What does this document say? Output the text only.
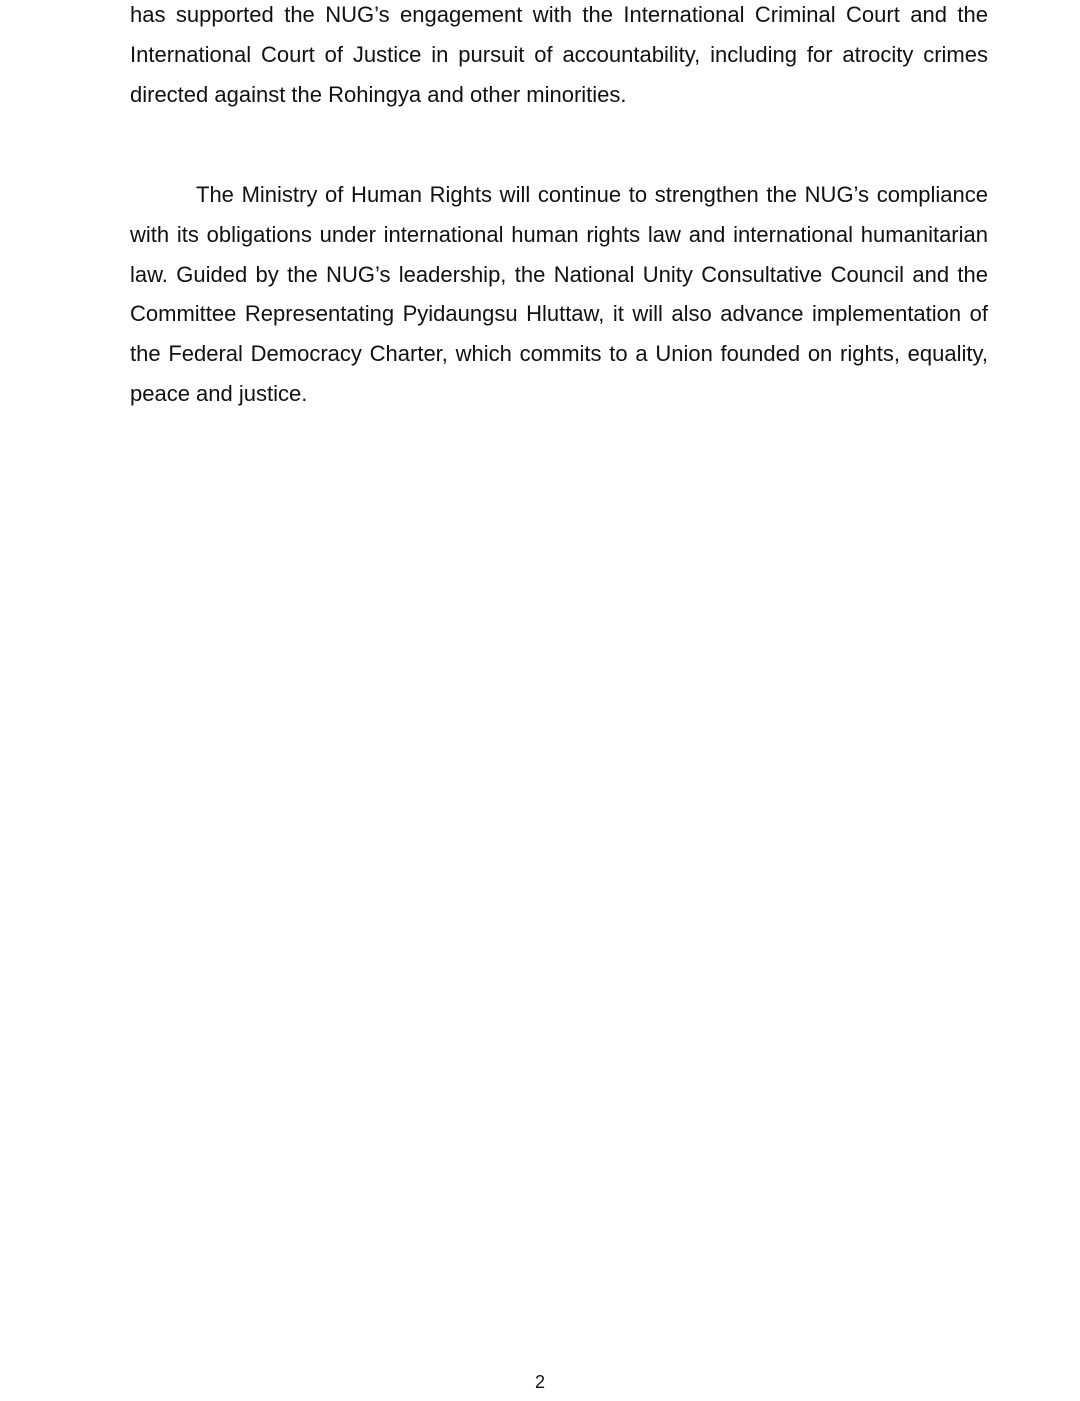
has supported the NUG’s engagement with the International Criminal Court and the International Court of Justice in pursuit of accountability, including for atrocity crimes directed against the Rohingya and other minorities.

The Ministry of Human Rights will continue to strengthen the NUG’s compliance with its obligations under international human rights law and international humanitarian law. Guided by the NUG’s leadership, the National Unity Consultative Council and the Committee Representating Pyidaungsu Hluttaw, it will also advance implementation of the Federal Democracy Charter, which commits to a Union founded on rights, equality, peace and justice.

2
